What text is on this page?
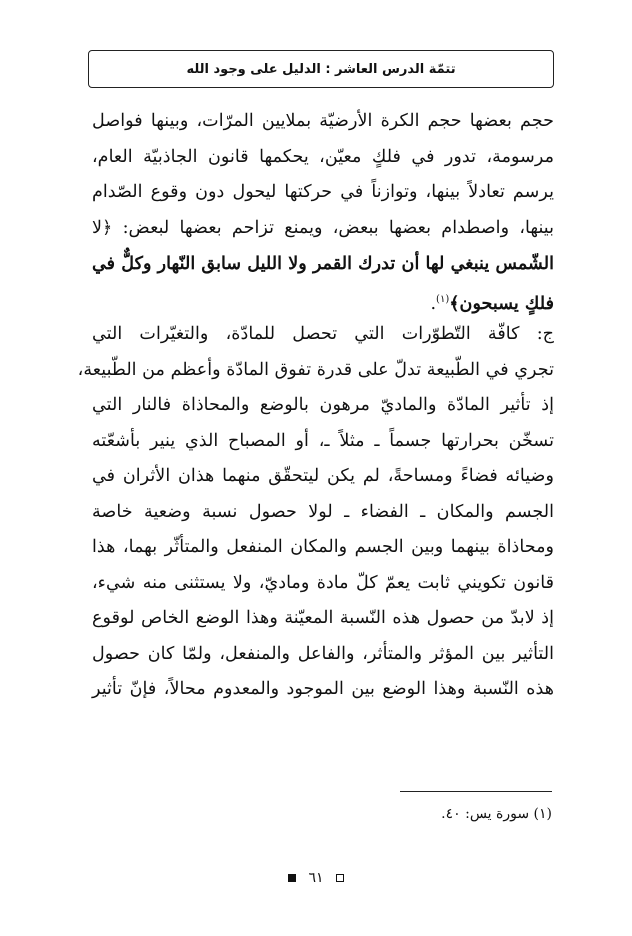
تتمّة الدرس العاشر : الدليل على وجود الله
حجم بعضها حجم الكرة الأرضيّة بملايين المرّات، وبينها فواصل
مرسومة، تدور في فلكٍ معيّن، يحكمها قانون الجاذبيّة العام،
يرسم تعادلاً بينها، وتوازناً في حركتها ليحول دون وقوع الصّدام
بينها، واصطدام بعضها ببعض، ويمنع تزاحم بعضها لبعض: ﴿لا
الشّمس ينبغي لها أن تدرك القمر ولا الليل سابق النّهار وكلٌّ في
فلكٍ يسبحون﴾$^{(١)}$.
ج: كافّة التّطوّرات التي تحصل للمادّة، والتغيّرات التي
تجري في الطّبيعة تدلّ على قدرة تفوق المادّة وأعظم من الطّبيعة،
إذ تأثير المادّة والماديّ مرهون بالوضع والمحاذاة فالنار التي
تسخّن بحرارتها جسماً ـ مثلاً ـ، أو المصباح الذي ينير بأشعّته
وضيائه فضاءً ومساحةً، لم يكن ليتحقّق منهما هذان الأثران في
الجسم والمكان ـ الفضاء ـ لولا حصول نسبة وضعية خاصة
ومحاذاة بينهما وبين الجسم والمكان المنفعل والمتأثّر بهما، هذا
قانون تكويني ثابت يعمّ كلّ مادة وماديّ، ولا يستثنى منه شيء،
إذ لابدّ من حصول هذه النّسبة المعيّنة وهذا الوضع الخاص لوقوع
التأثير بين المؤثر والمتأثر، والفاعل والمنفعل، ولمّا كان حصول
هذه النّسبة وهذا الوضع بين الموجود والمعدوم محالاً، فإنّ تأثير
(١) سورة يس: ٤٠.
٦١
